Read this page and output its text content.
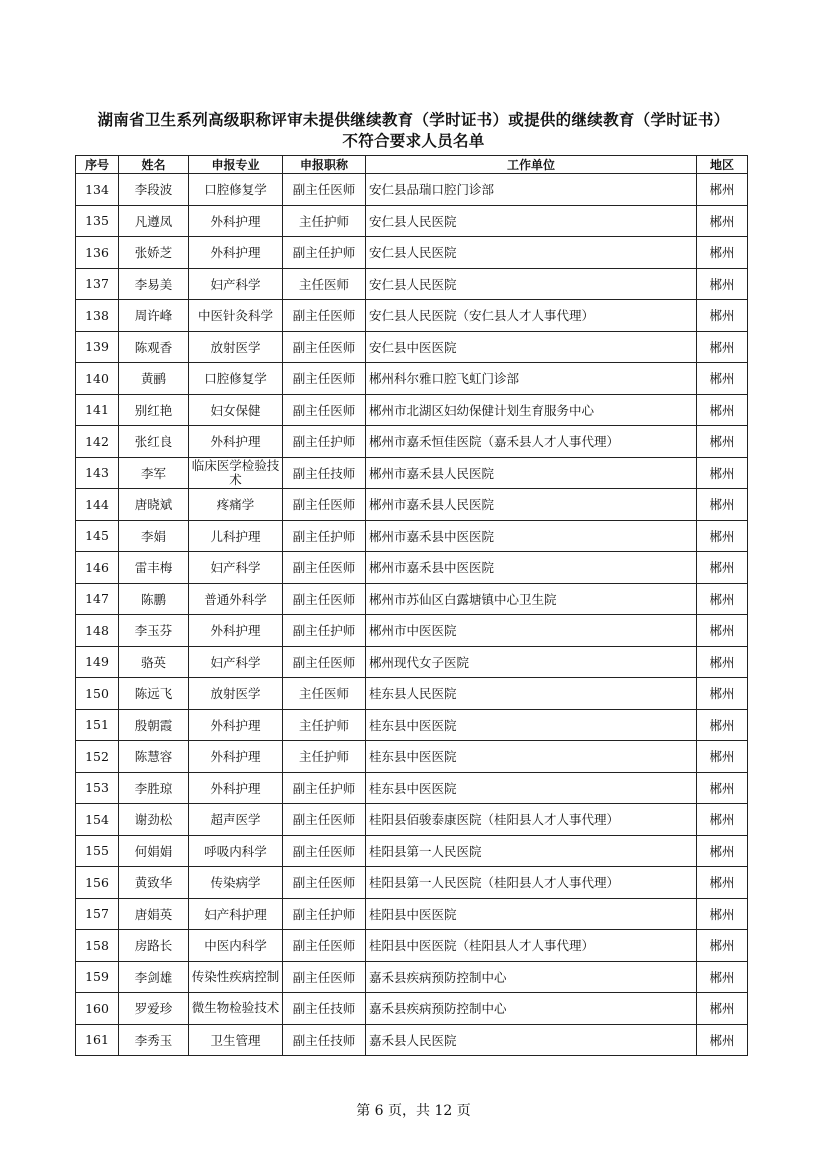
湖南省卫生系列高级职称评审未提供继续教育（学时证书）或提供的继续教育（学时证书）
不符合要求人员名单
序号	姓名	申报专业	申报职称	工作单位	地区
134	李段波	口腔修复学	副主任医师	安仁县品瑞口腔门诊部	郴州
135	凡遵凤	外科护理	主任护师	安仁县人民医院	郴州
136	张娇芝	外科护理	副主任护师	安仁县人民医院	郴州
137	李易美	妇产科学	主任医师	安仁县人民医院	郴州
138	周许峰	中医针灸科学	副主任医师	安仁县人民医院（安仁县人才人事代理）	郴州
139	陈观香	放射医学	副主任医师	安仁县中医医院	郴州
140	黄鹂	口腔修复学	副主任医师	郴州科尔雅口腔飞虹门诊部	郴州
141	别红艳	妇女保健	副主任医师	郴州市北湖区妇幼保健计划生育服务中心	郴州
142	张红良	外科护理	副主任护师	郴州市嘉禾恒佳医院（嘉禾县人才人事代理）	郴州
143	李军	临床医学检验技术	副主任技师	郴州市嘉禾县人民医院	郴州
144	唐晓斌	疼痛学	副主任医师	郴州市嘉禾县人民医院	郴州
145	李娟	儿科护理	副主任护师	郴州市嘉禾县中医医院	郴州
146	雷丰梅	妇产科学	副主任医师	郴州市嘉禾县中医医院	郴州
147	陈鹏	普通外科学	副主任医师	郴州市苏仙区白露塘镇中心卫生院	郴州
148	李玉芬	外科护理	副主任护师	郴州市中医医院	郴州
149	骆英	妇产科学	副主任医师	郴州现代女子医院	郴州
150	陈远飞	放射医学	主任医师	桂东县人民医院	郴州
151	殷朝霞	外科护理	主任护师	桂东县中医医院	郴州
152	陈慧容	外科护理	主任护师	桂东县中医医院	郴州
153	李胜琼	外科护理	副主任护师	桂东县中医医院	郴州
154	谢劲松	超声医学	副主任医师	桂阳县佰骏泰康医院（桂阳县人才人事代理）	郴州
155	何娟娟	呼吸内科学	副主任医师	桂阳县第一人民医院	郴州
156	黄致华	传染病学	副主任医师	桂阳县第一人民医院（桂阳县人才人事代理）	郴州
157	唐娟英	妇产科护理	副主任护师	桂阳县中医医院	郴州
158	房路长	中医内科学	副主任医师	桂阳县中医医院（桂阳县人才人事代理）	郴州
159	李剑雄	传染性疾病控制	副主任医师	嘉禾县疾病预防控制中心	郴州
160	罗爱珍	微生物检验技术	副主任技师	嘉禾县疾病预防控制中心	郴州
161	李秀玉	卫生管理	副主任技师	嘉禾县人民医院	郴州
第 6 页，共 12 页
